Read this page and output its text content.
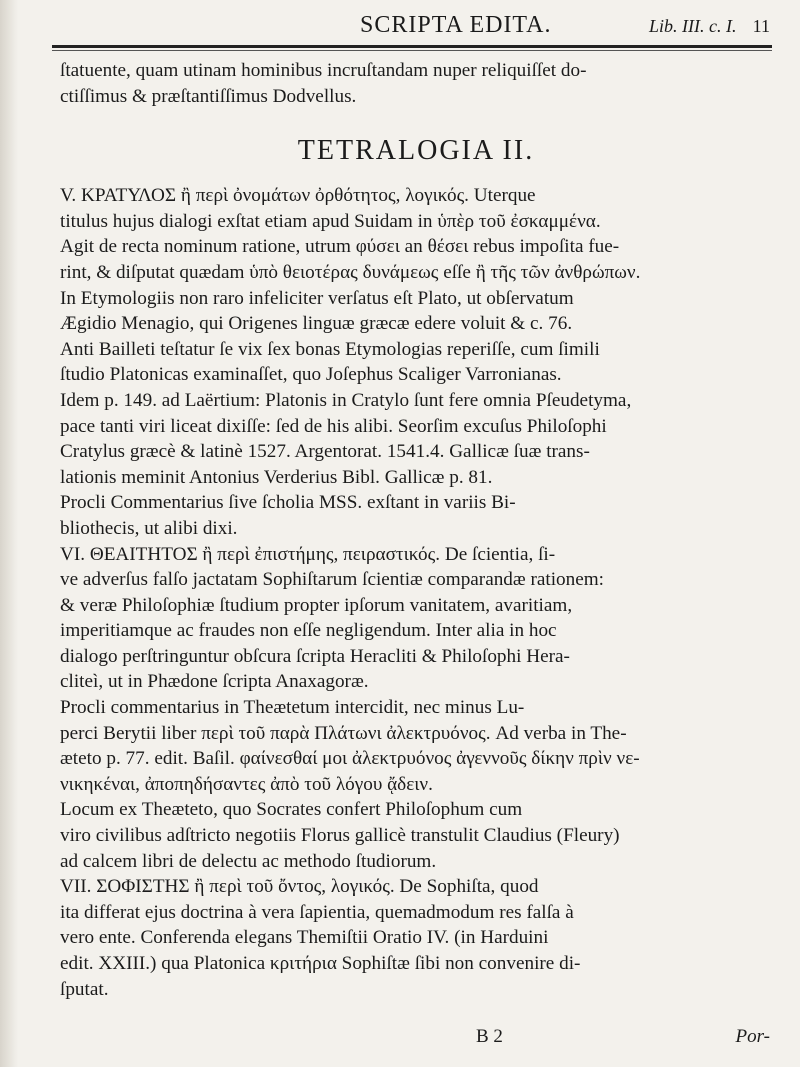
SCRIPTA EDITA.	Lib. III. c. I. 11
ſtatuente, quam utinam hominibus incruſtandam nuper reliquiſſet do-
ctiſſimus & præſtantiſſimus Dodvellus.
TETRALOGIA II.
V. ΚΡΑΤΥΛΟΣ ἢ περὶ ὀνομάτων ὀρθότητος, λογικός. Uterque
titulus hujus dialogi exſtat etiam apud Suidam in ὑπὲρ τοῦ ἐσκαμμένα.
Agit de recta nominum ratione, utrum φύσει an θέσει rebus impoſita fue-
rint, & diſputat quædam ὑπὸ θειοτέρας δυνάμεως eſſe ἢ τῆς τῶν ἀνθρώπων.
In Etymologiis non raro infeliciter verſatus eſt Plato, ut obſervatum
Ægidio Menagio, qui Origenes linguæ græcæ edere voluit & c. 76.
Anti Bailleti teſtatur ſe vix ſex bonas Etymologias reperiſſe, cum ſimili
ſtudio Platonicas examinaſſet, quo Joſephus Scaliger Varronianas.
Idem p. 149. ad Laërtium: Platonis in Cratylo ſunt fere omnia Pſeudetyma,
pace tanti viri liceat dixiſſe: ſed de his alibi. Seorſim excuſus Philoſophi
Cratylus græcè & latinè 1527. Argentorat. 1541.4. Gallicæ ſuæ trans-
lationis meminit Antonius Verderius Bibl. Gallicæ p. 81.
Procli Commentarius ſive ſcholia MSS. exſtant in variis Bi-
bliothecis, ut alibi dixi.
VI. ΘΕΑΙΤΗΤΟΣ ἢ περὶ ἐπιστήμης, πειραστικός. De ſcientia, ſi-
ve adverſus falſo jactatam Sophiſtarum ſcientiæ comparandæ rationem:
& veræ Philoſophiæ ſtudium propter ipſorum vanitatem, avaritiam,
imperitiamque ac fraudes non eſſe negligendum. Inter alia in hoc
dialogo perſtringuntur obſcura ſcripta Heracliti & Philoſophi Hera-
cliteì, ut in Phædone ſcripta Anaxagoræ.
Procli commentarius in Theætetum intercidit, nec minus Lu-
perci Berytii liber περὶ τοῦ παρὰ Πλάτωνι ἀλεκτρυόνος. Ad verba in The-
æteto p. 77. edit. Baſil. φαίνεσθαί μοι ἀλεκτρυόνος ἀγεννοῦς δίκην πρὶν νε-
νικηκέναι, ἀποπηδήσαντες ἀπὸ τοῦ λόγου ᾄδειν.
Locum ex Theæteto, quo Socrates confert Philoſophum cum
viro civilibus adſtricto negotiis Florus gallicè transtulit Claudius (Fleury)
ad calcem libri de delectu ac methodo ſtudiorum.
VII. ΣΟΦΙΣΤΗΣ ἢ περὶ τοῦ ὄντος, λογικός. De Sophiſta, quod
ita differat ejus doctrina à vera ſapientia, quemadmodum res falſa à
vero ente. Conferenda elegans Themiſtii Oratio IV. (in Harduini
edit. XXIII.) qua Platonica κριτήρια Sophiſtæ ſibi non convenire di-
ſputat.
B 2	Por-
